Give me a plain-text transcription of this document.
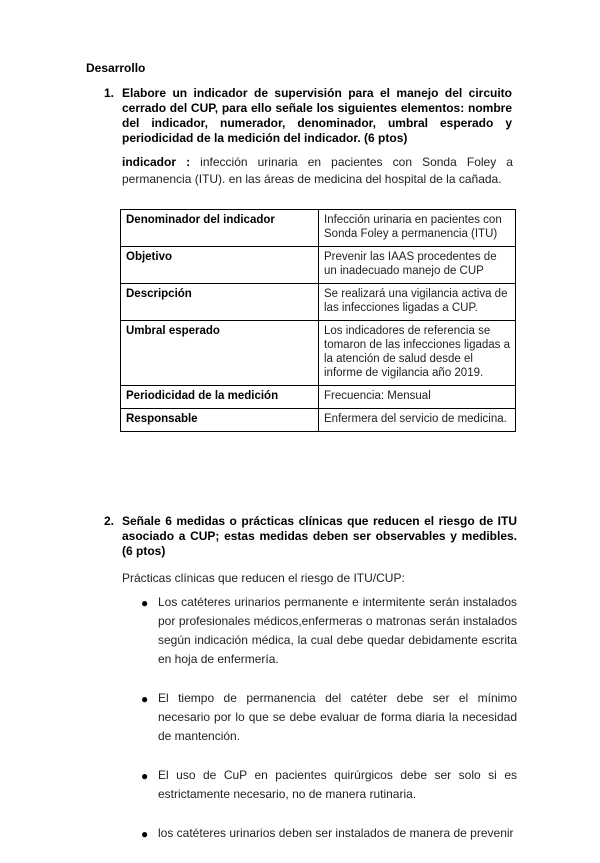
Desarrollo
1. Elabore un indicador de supervisión para el manejo del circuito cerrado del CUP, para ello señale los siguientes elementos: nombre del indicador, numerador, denominador, umbral esperado y periodicidad de la medición del indicador. (6 ptos)
indicador : infección urinaria en pacientes con Sonda Foley a permanencia (ITU). en las áreas de medicina del hospital de la cañada.
Denominador del indicador	Infección urinaria en pacientes con Sonda Foley a permanencia (ITU)
Objetivo	Prevenir las IAAS procedentes de un inadecuado manejo de CUP
Descripción	Se realizará una vigilancia activa de las infecciones ligadas a CUP.
Umbral esperado	Los indicadores de referencia se tomaron de las infecciones ligadas a la atención de salud desde el informe de vigilancia año 2019.
Periodicidad de la medición	Frecuencia: Mensual
Responsable	Enfermera del servicio de medicina.
2. Señale 6 medidas o prácticas clínicas que reducen el riesgo de ITU asociado a CUP; estas medidas deben ser observables y medibles. (6 ptos)
Prácticas clínicas que reducen el riesgo de ITU/CUP:
● Los catéteres urinarios permanente e intermitente serán instalados por profesionales médicos,enfermeras o matronas serán instalados según indicación médica, la cual debe quedar debidamente escrita en hoja de enfermería.
● El tiempo de permanencia del catéter debe ser el mínimo necesario por lo que se debe evaluar de forma diaria la necesidad de mantención.
● El uso de CuP en pacientes quirúrgicos debe ser solo si es estrictamente necesario, no de manera rutinaria.
● los catéteres urinarios deben ser instalados de manera de prevenir
